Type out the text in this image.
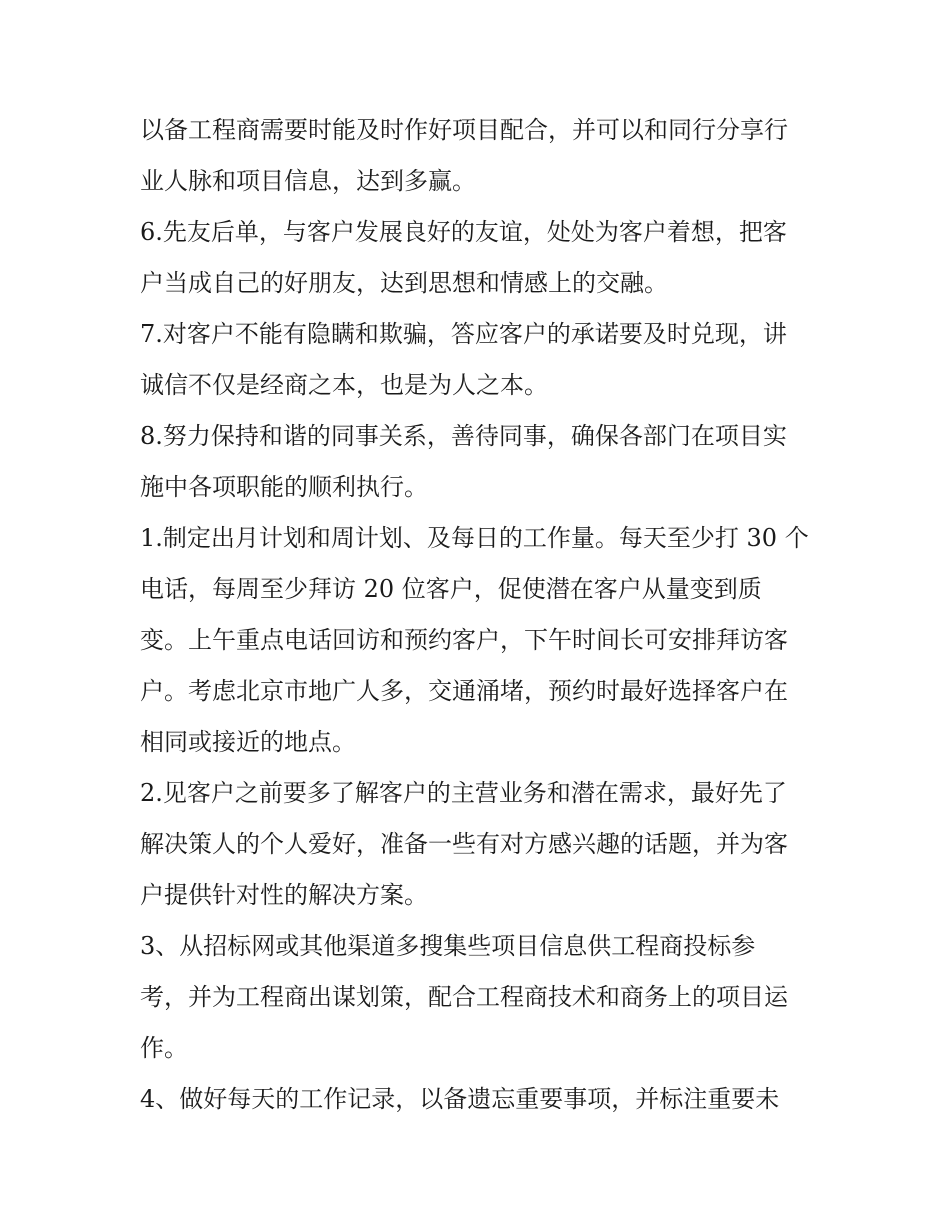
以备工程商需要时能及时作好项目配合，并可以和同行分享行
业人脉和项目信息，达到多赢。
6.先友后单，与客户发展良好的友谊，处处为客户着想，把客
户当成自己的好朋友，达到思想和情感上的交融。
7.对客户不能有隐瞒和欺骗，答应客户的承诺要及时兑现，讲
诚信不仅是经商之本，也是为人之本。
8.努力保持和谐的同事关系，善待同事，确保各部门在项目实
施中各项职能的顺利执行。
1.制定出月计划和周计划、及每日的工作量。每天至少打 30 个
电话，每周至少拜访 20 位客户，促使潜在客户从量变到质
变。上午重点电话回访和预约客户，下午时间长可安排拜访客
户。考虑北京市地广人多，交通涌堵，预约时最好选择客户在
相同或接近的地点。
2.见客户之前要多了解客户的主营业务和潜在需求，最好先了
解决策人的个人爱好，准备一些有对方感兴趣的话题，并为客
户提供针对性的解决方案。
3、从招标网或其他渠道多搜集些项目信息供工程商投标参
考，并为工程商出谋划策，配合工程商技术和商务上的项目运
作。
4、做好每天的工作记录，以备遗忘重要事项，并标注重要未
